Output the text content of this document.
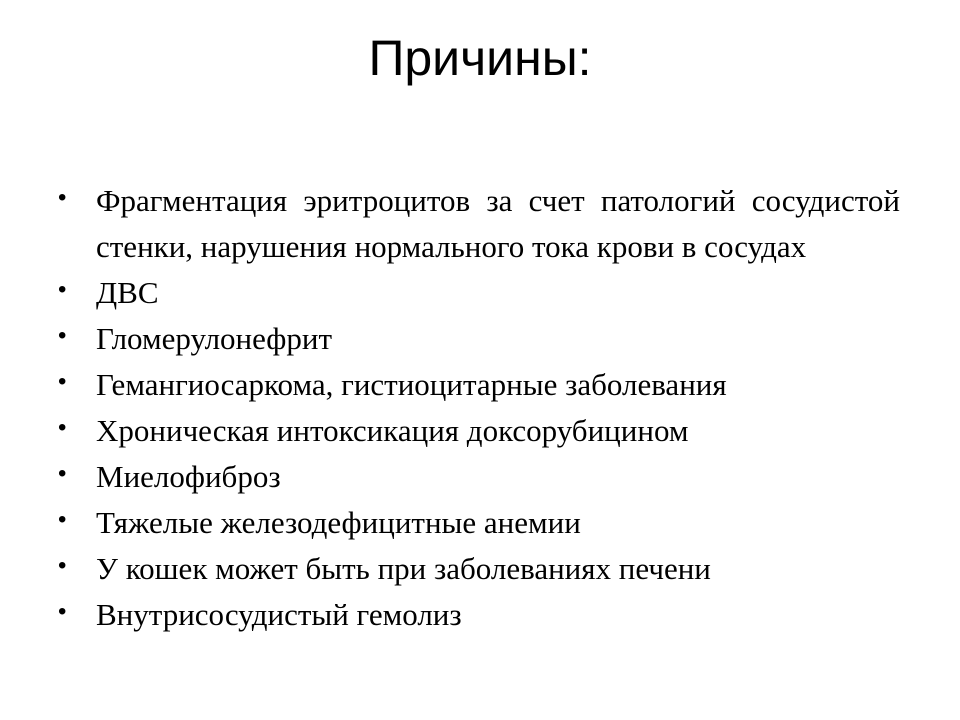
Причины:
• Фрагментация эритроцитов за счет патологий сосудистой стенки, нарушения нормального тока крови в сосудах
• ДВС
• Гломерулонефрит
• Гемангиосаркома, гистиоцитарные заболевания
• Хроническая интоксикация доксорубицином
• Миелофиброз
• Тяжелые железодефицитные анемии
• У кошек может быть при заболеваниях печени
• Внутрисосудистый гемолиз
